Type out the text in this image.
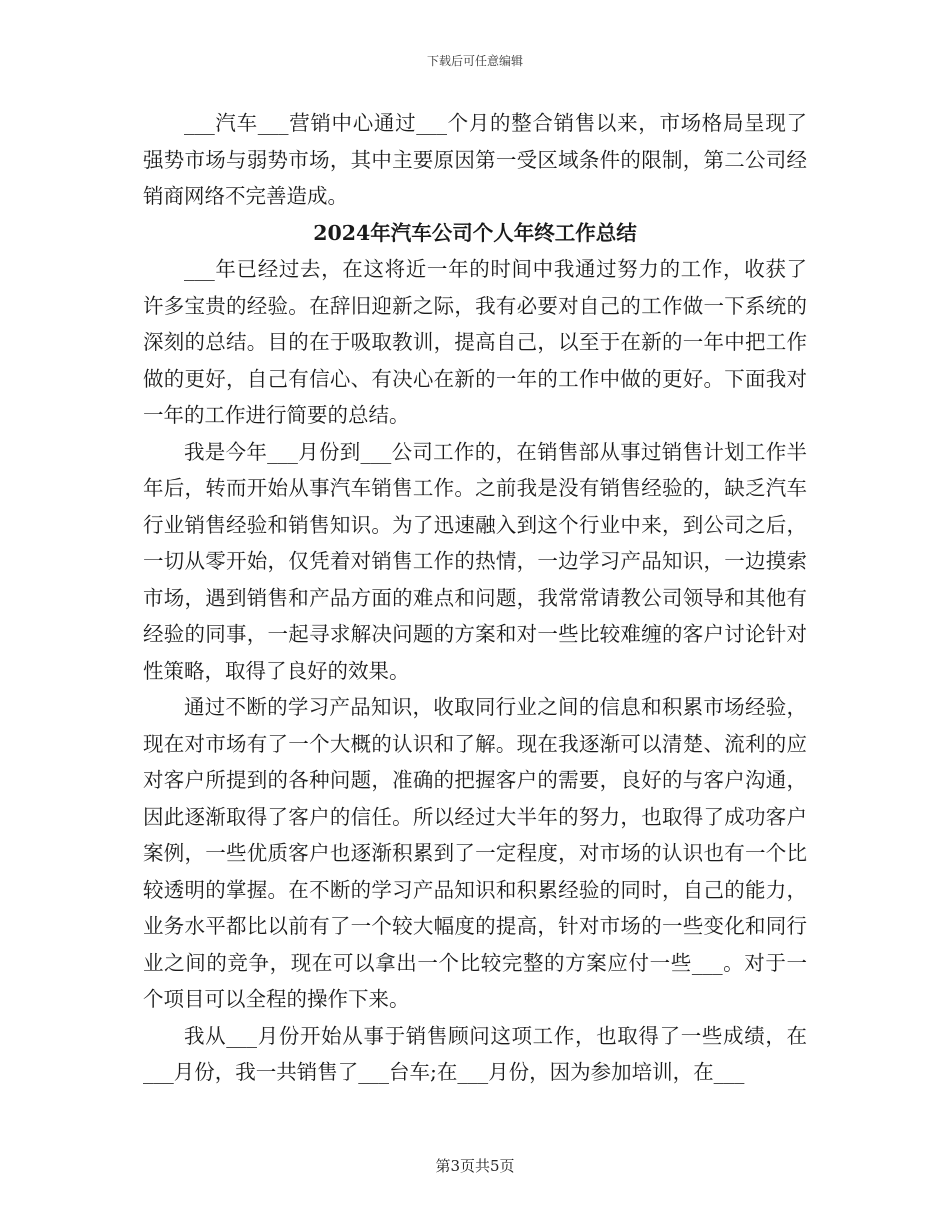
下载后可任意编辑

___汽车___营销中心通过___个月的整合销售以来，市场格局呈现了强势市场与弱势市场，其中主要原因第一受区域条件的限制，第二公司经销商网络不完善造成。

2024年汽车公司个人年终工作总结

___年已经过去，在这将近一年的时间中我通过努力的工作，收获了许多宝贵的经验。在辞旧迎新之际，我有必要对自己的工作做一下系统的深刻的总结。目的在于吸取教训，提高自己，以至于在新的一年中把工作做的更好，自己有信心、有决心在新的一年的工作中做的更好。下面我对一年的工作进行简要的总结。

我是今年___月份到___公司工作的，在销售部从事过销售计划工作半年后，转而开始从事汽车销售工作。之前我是没有销售经验的，缺乏汽车行业销售经验和销售知识。为了迅速融入到这个行业中来，到公司之后，一切从零开始，仅凭着对销售工作的热情，一边学习产品知识，一边摸索市场，遇到销售和产品方面的难点和问题，我常常请教公司领导和其他有经验的同事，一起寻求解决问题的方案和对一些比较难缠的客户讨论针对性策略，取得了良好的效果。

通过不断的学习产品知识，收取同行业之间的信息和积累市场经验，现在对市场有了一个大概的认识和了解。现在我逐渐可以清楚、流利的应对客户所提到的各种问题，准确的把握客户的需要，良好的与客户沟通，因此逐渐取得了客户的信任。所以经过大半年的努力，也取得了成功客户案例，一些优质客户也逐渐积累到了一定程度，对市场的认识也有一个比较透明的掌握。在不断的学习产品知识和积累经验的同时，自己的能力，业务水平都比以前有了一个较大幅度的提高，针对市场的一些变化和同行业之间的竞争，现在可以拿出一个比较完整的方案应付一些___。对于一个项目可以全程的操作下来。

我从___月份开始从事于销售顾问这项工作，也取得了一些成绩，在___月份，我一共销售了___台车;在___月份，因为参加培训，在___

第3页共5页
